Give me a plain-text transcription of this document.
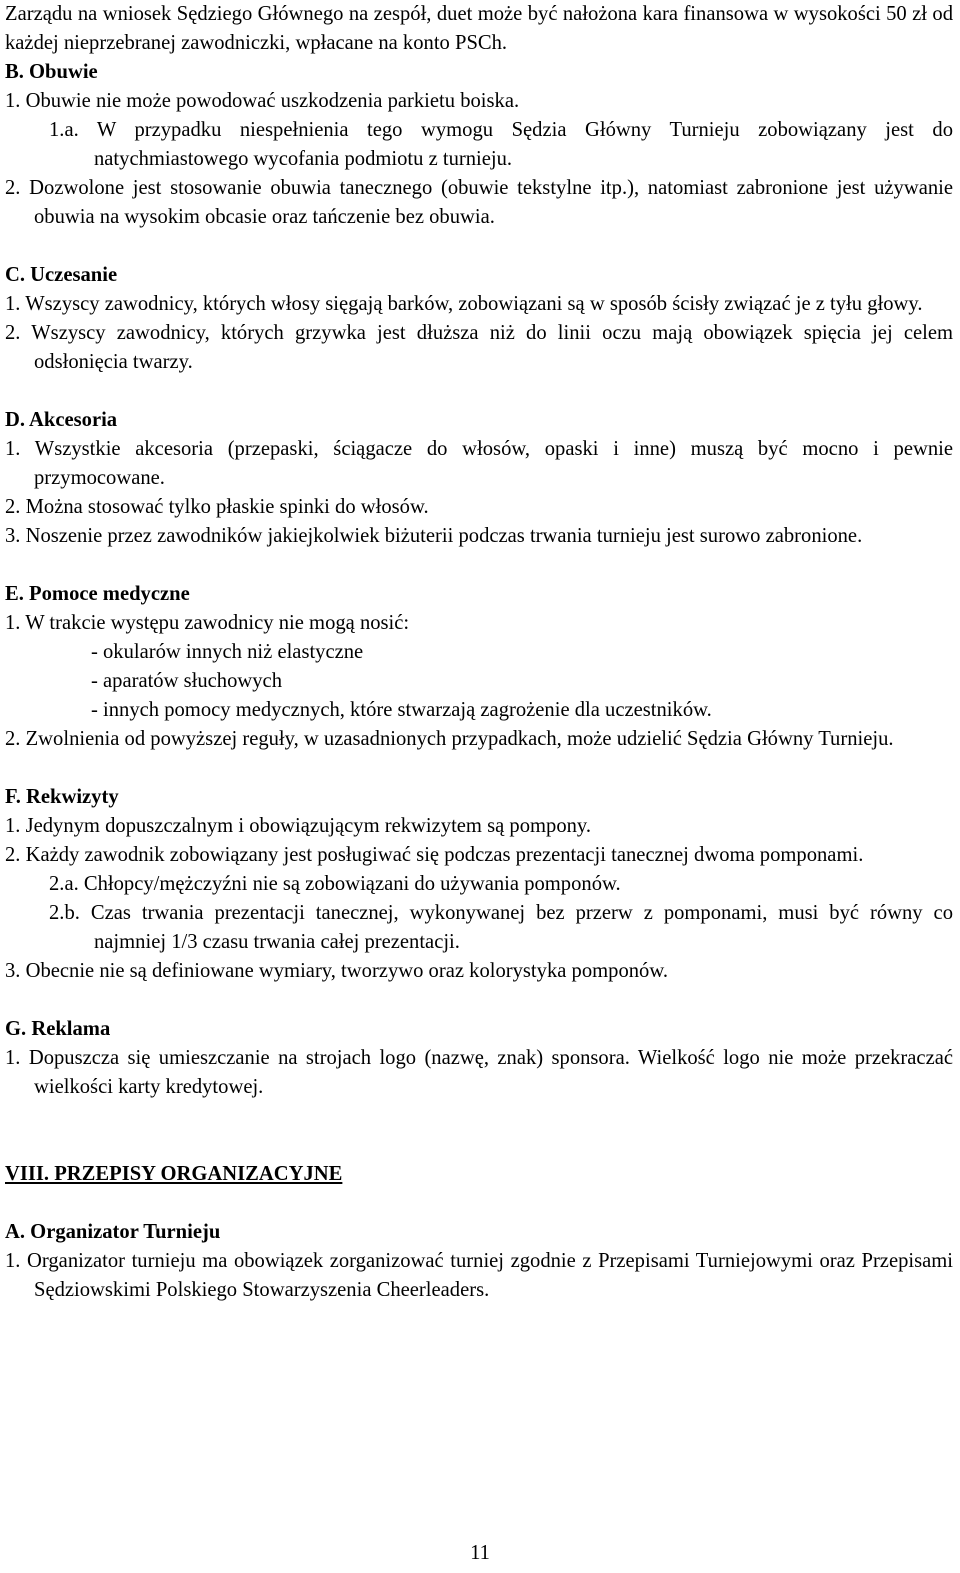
Zarządu na wniosek Sędziego Głównego na zespół, duet może być nałożona kara finansowa w wysokości 50 zł od każdej nieprzebranej zawodniczki, wpłacane na konto PSCh.

B. Obuwie

1. Obuwie nie może powodować uszkodzenia parkietu boiska.

1.a. W przypadku niespełnienia tego wymogu Sędzia Główny Turnieju zobowiązany jest do natychmiastowego wycofania podmiotu z turnieju.

2. Dozwolone jest stosowanie obuwia tanecznego (obuwie tekstylne itp.), natomiast zabronione jest używanie obuwia na wysokim obcasie oraz tańczenie bez obuwia.

C. Uczesanie

1. Wszyscy zawodnicy, których włosy sięgają barków, zobowiązani są w sposób ścisły związać je z tyłu głowy.

2. Wszyscy zawodnicy, których grzywka jest dłuższa niż do linii oczu mają obowiązek spięcia jej celem odsłonięcia twarzy.

D. Akcesoria

1. Wszystkie akcesoria (przepaski, ściągacze do włosów, opaski i inne) muszą być mocno i pewnie przymocowane.

2. Można stosować tylko płaskie spinki do włosów.

3. Noszenie przez zawodników jakiejkolwiek biżuterii podczas trwania turnieju jest surowo zabronione.

E. Pomoce medyczne

1. W trakcie występu zawodnicy nie mogą nosić:

- okularów innych niż elastyczne

- aparatów słuchowych

- innych pomocy medycznych, które stwarzają zagrożenie dla uczestników.

2. Zwolnienia od powyższej reguły, w uzasadnionych przypadkach, może udzielić Sędzia Główny Turnieju.

F. Rekwizyty

1. Jedynym dopuszczalnym i obowiązującym rekwizytem są pompony.

2. Każdy zawodnik zobowiązany jest posługiwać się podczas prezentacji tanecznej dwoma pomponami.

2.a. Chłopcy/mężczyźni nie są zobowiązani do używania pomponów.

2.b. Czas trwania prezentacji tanecznej, wykonywanej bez przerw z pomponami, musi być równy co najmniej 1/3 czasu trwania całej prezentacji.

3. Obecnie nie są definiowane wymiary, tworzywo oraz kolorystyka pomponów.

G. Reklama

1. Dopuszcza się umieszczanie na strojach logo (nazwę, znak) sponsora. Wielkość logo nie może przekraczać wielkości karty kredytowej.

VIII. PRZEPISY ORGANIZACYJNE

A. Organizator Turnieju

1. Organizator turnieju ma obowiązek zorganizować turniej zgodnie z Przepisami Turniejowymi oraz Przepisami Sędziowskimi Polskiego Stowarzyszenia Cheerleaders.

11
